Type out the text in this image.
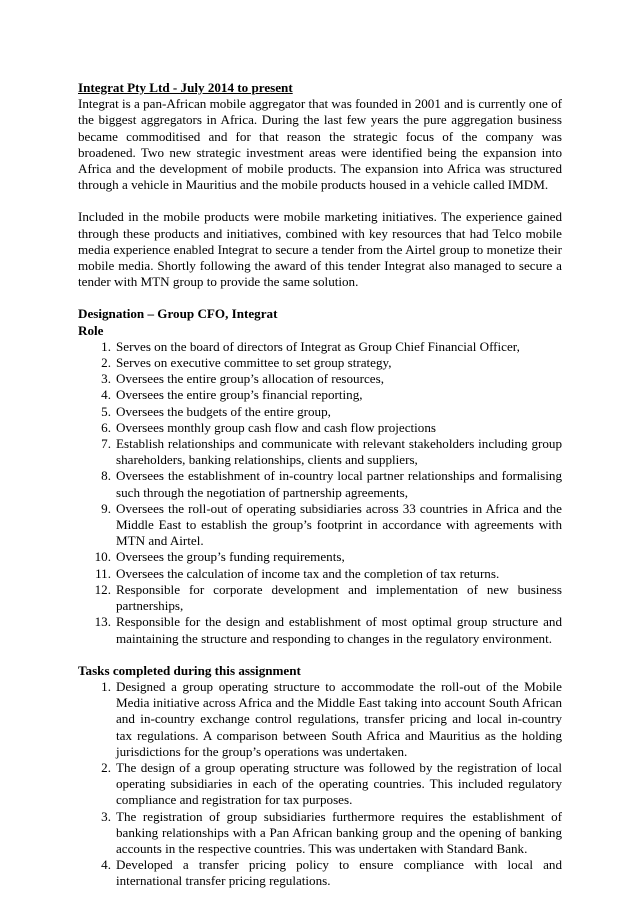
Integrat Pty Ltd - July 2014 to present

Integrat is a pan-African mobile aggregator that was founded in 2001 and is currently one of the biggest aggregators in Africa. During the last few years the pure aggregation business became commoditised and for that reason the strategic focus of the company was broadened. Two new strategic investment areas were identified being the expansion into Africa and the development of mobile products. The expansion into Africa was structured through a vehicle in Mauritius and the mobile products housed in a vehicle called IMDM.

Included in the mobile products were mobile marketing initiatives. The experience gained through these products and initiatives, combined with key resources that had Telco mobile media experience enabled Integrat to secure a tender from the Airtel group to monetize their mobile media. Shortly following the award of this tender Integrat also managed to secure a tender with MTN group to provide the same solution.

Designation – Group CFO, Integrat

Role

1. Serves on the board of directors of Integrat as Group Chief Financial Officer,
2. Serves on executive committee to set group strategy,
3. Oversees the entire group’s allocation of resources,
4. Oversees the entire group’s financial reporting,
5. Oversees the budgets of the entire group,
6. Oversees monthly group cash flow and cash flow projections
7. Establish relationships and communicate with relevant stakeholders including group shareholders, banking relationships, clients and suppliers,
8. Oversees the establishment of in-country local partner relationships and formalising such through the negotiation of partnership agreements,
9. Oversees the roll-out of operating subsidiaries across 33 countries in Africa and the Middle East to establish the group’s footprint in accordance with agreements with MTN and Airtel.
10. Oversees the group’s funding requirements,
11. Oversees the calculation of income tax and the completion of tax returns.
12. Responsible for corporate development and implementation of new business partnerships,
13. Responsible for the design and establishment of most optimal group structure and maintaining the structure and responding to changes in the regulatory environment.

Tasks completed during this assignment

1. Designed a group operating structure to accommodate the roll-out of the Mobile Media initiative across Africa and the Middle East taking into account South African and in-country exchange control regulations, transfer pricing and local in-country tax regulations. A comparison between South Africa and Mauritius as the holding jurisdictions for the group’s operations was undertaken.
2. The design of a group operating structure was followed by the registration of local operating subsidiaries in each of the operating countries. This included regulatory compliance and registration for tax purposes.
3. The registration of group subsidiaries furthermore requires the establishment of banking relationships with a Pan African banking group and the opening of banking accounts in the respective countries. This was undertaken with Standard Bank.
4. Developed a transfer pricing policy to ensure compliance with local and international transfer pricing regulations.
